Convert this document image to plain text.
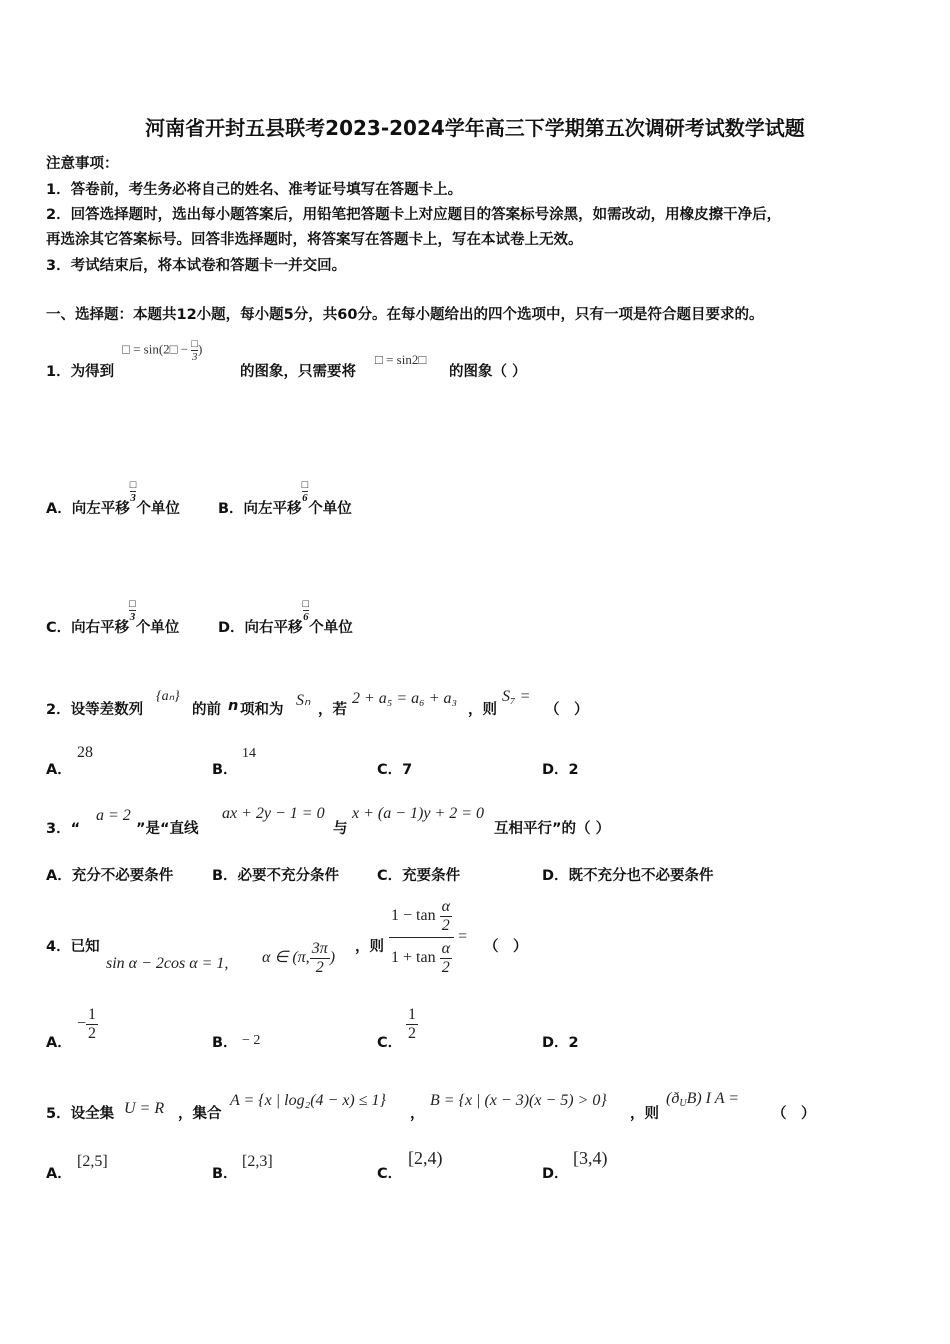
河南省开封五县联考2023-2024学年高三下学期第五次调研考试数学试题
注意事项：
1．答卷前，考生务必将自己的姓名、准考证号填写在答题卡上。
2．回答选择题时，选出每小题答案后，用铅笔把答题卡上对应题目的答案标号涂黑，如需改动，用橡皮擦干净后，
再选涂其它答案标号。回答非选择题时，将答案写在答题卡上，写在本试卷上无效。
3．考试结束后，将本试卷和答题卡一并交回。
一、选择题：本题共12小题，每小题5分，共60分。在每小题给出的四个选项中，只有一项是符合题目要求的。
1．为得到
□ = sin(2□ − $\frac{□}{3}$ )
的图象，只需要将
□ = sin2□
的图象（ ）
A．向左平移
$\frac{□}{3}$
个单位	B．向左平移
$\frac{□}{6}$
个单位
C．向右平移
$\frac{□}{3}$
个单位	D．向右平移
$\frac{□}{6}$
个单位
2．设等差数列
{aₙ}
的前 n 项和为
Sₙ
，若
2 + a₅ = a₆ + a₃
，则
S₇ =
（　）
A．
28
B．
14
C．7	D．2
3．“
a = 2
”是“直线
ax + 2y − 1 = 0
与
x + (a − 1)y + 2 = 0
互相平行”的（ ）
A．充分不必要条件	B．必要不充分条件	C．充要条件	D．既不充分也不必要条件
4．已知
sin α − 2cos α = 1, α ∈ (π, $\frac{3\pi}{2}$ )
，则 $\frac{1 - \tan \frac{\alpha}{2}}{1 + \tan \frac{\alpha}{2}}$ =
（　）
A．
− $\frac{1}{2}$	B． − 2	C． $\frac{1}{2}$	D．2
5．设全集 U = R ，集合
A = {x | log₂(4 − x) ≤ 1}
，
B = {x | (x − 3)(x − 5) > 0}
，则
$(ð_UB)$ I A =
（　）
A．
[2,5]
B．
[2,3]
C．
[2,4)
D．
[3,4)
